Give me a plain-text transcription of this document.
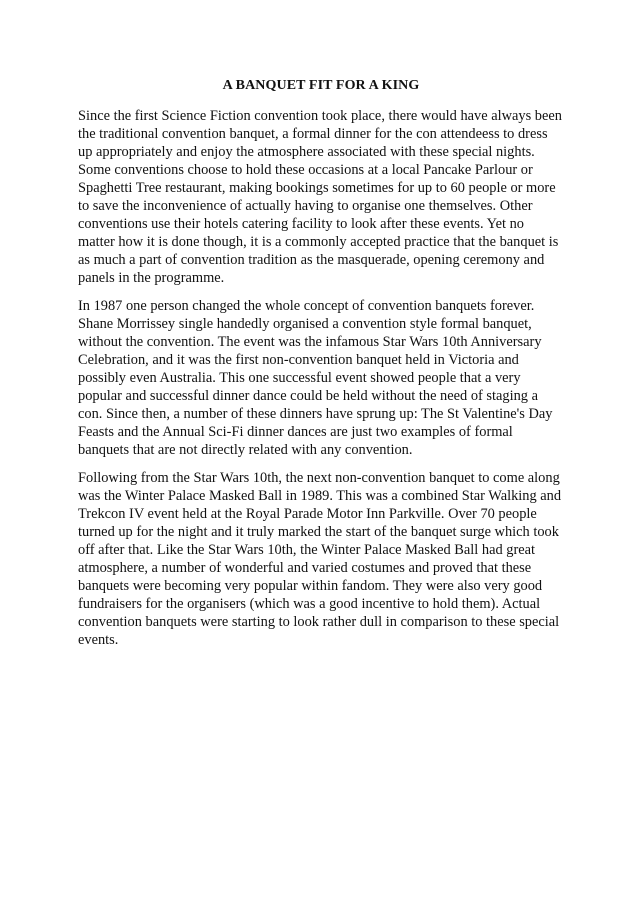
A BANQUET FIT FOR A KING

Since the first Science Fiction convention took place, there would have always been the traditional convention banquet, a formal dinner for the con attendeess to dress up appropriately and enjoy the atmosphere associated with these special nights. Some conventions choose to hold these occasions at a local Pancake Parlour or Spaghetti Tree restaurant, making bookings sometimes for up to 60 people or more to save the inconvenience of actually having to organise one themselves. Other conventions use their hotels catering facility to look after these events. Yet no matter how it is done though, it is a commonly accepted practice that the banquet is as much a part of convention tradition as the masquerade, opening ceremony and panels in the programme.

In 1987 one person changed the whole concept of convention banquets forever. Shane Morrissey single handedly organised a convention style formal banquet, without the convention. The event was the infamous Star Wars 10th Anniversary Celebration, and it was the first non-convention banquet held in Victoria and possibly even Australia. This one successful event showed people that a very popular and successful dinner dance could be held without the need of staging a con. Since then, a number of these dinners have sprung up: The St Valentine's Day Feasts and the Annual Sci-Fi dinner dances are just two examples of formal banquets that are not directly related with any convention.

Following from the Star Wars 10th, the next non-convention banquet to come along was the Winter Palace Masked Ball in 1989. This was a combined Star Walking and Trekcon IV event held at the Royal Parade Motor Inn Parkville. Over 70 people turned up for the night and it truly marked the start of the banquet surge which took off after that. Like the Star Wars 10th, the Winter Palace Masked Ball had great atmosphere, a number of wonderful and varied costumes and proved that these banquets were becoming very popular within fandom. They were also very good fundraisers for the organisers (which was a good incentive to hold them). Actual convention banquets were starting to look rather dull in comparison to these special events.
